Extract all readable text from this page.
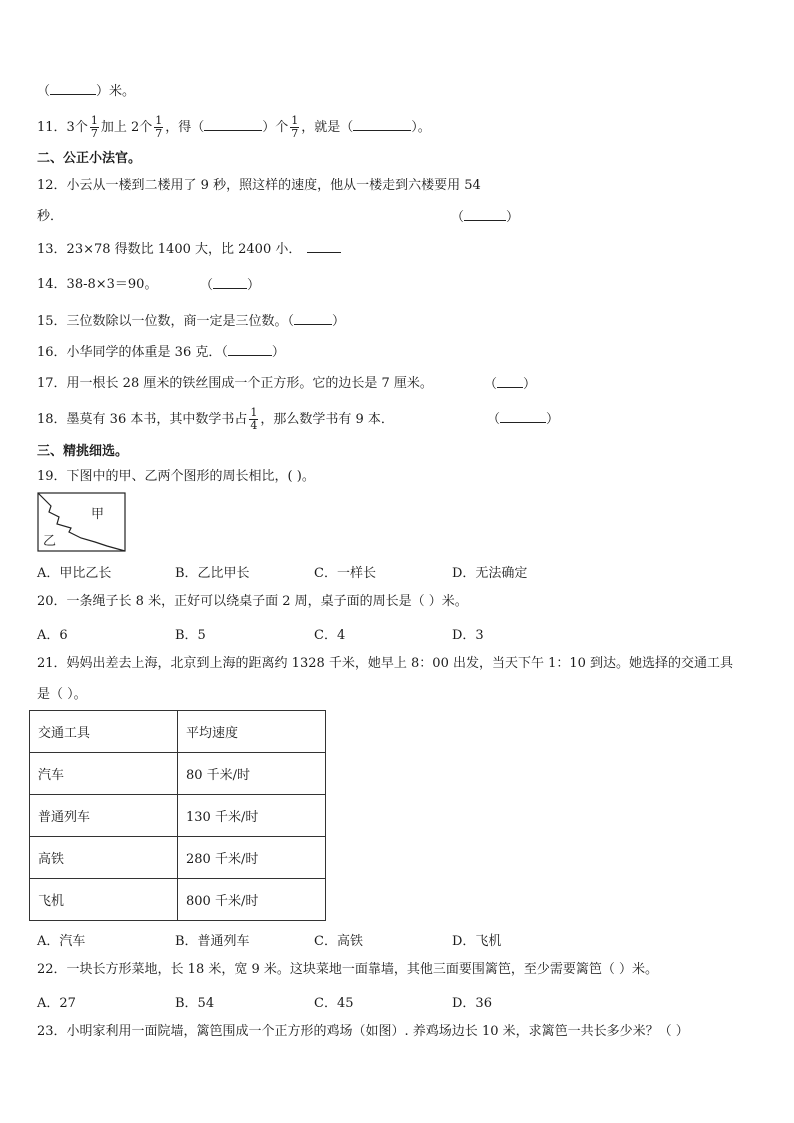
（	）米。
11．3个 $\frac{1}{7}$ 加上 2个 $\frac{1}{7}$ ，得（	）个 $\frac{1}{7}$ ，就是（	）。
二、公正小法官。
12．小云从一楼到二楼用了 9 秒，照这样的速度，他从一楼走到六楼要用 54
秒．	（	）
13．23×78 得数比 1400 大，比 2400 小．
14．38-8×3＝90。	（	）
15．三位数除以一位数，商一定是三位数。（	）
16．小华同学的体重是 36 克．（	）
17．用一根长 28 厘米的铁丝围成一个正方形。它的边长是 7 厘米。	（ ）
18．墨莫有 36 本书，其中数学书占 $\frac{1}{4}$ ，那么数学书有 9 本．	（	）
三、精挑细选。
19．下图中的甲、乙两个图形的周长相比，( )。
甲
乙
A．甲比乙长	B．乙比甲长	C．一样长	D．无法确定
20．一条绳子长 8 米，正好可以绕桌子面 2 周，桌子面的周长是（ ）米。
A．6	B．5	C．4	D．3
21．妈妈出差去上海，北京到上海的距离约 1328 千米，她早上 8：00 出发，当天下午 1：10 到达。她选择的交通工具
是（ ）。
交通工具	平均速度
汽车	80 千米/时
普通列车	130 千米/时
高铁	280 千米/时
飞机	800 千米/时
A．汽车	B．普通列车	C．高铁	D．飞机
22．一块长方形菜地，长 18 米，宽 9 米。这块菜地一面靠墙，其他三面要围篱笆，至少需要篱笆（ ）米。
A．27	B．54	C．45	D．36
23．小明家利用一面院墙，篱笆围成一个正方形的鸡场（如图）. 养鸡场边长 10 米，求篱笆一共长多少米？（ ）
